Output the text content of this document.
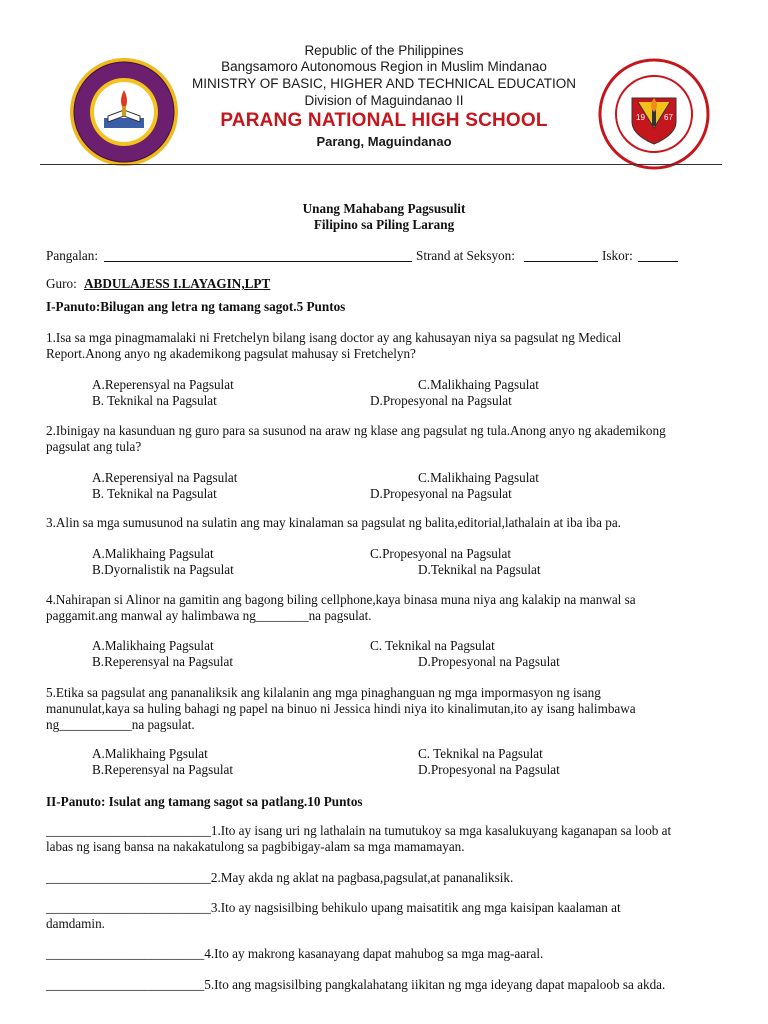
19 67
Republic of the Philippines
Bangsamoro Autonomous Region in Muslim Mindanao
MINISTRY OF BASIC, HIGHER AND TECHNICAL EDUCATION
Division of Maguindanao II
PARANG NATIONAL HIGH SCHOOL
Parang, Maguindanao
Unang Mahabang Pagsusulit
Filipino sa Piling Larang
Pangalan:	Strand at Seksyon:	Iskor:
Guro: ABDULAJESS I.LAYAGIN,LPT
I-Panuto:Bilugan ang letra ng tamang sagot.5 Puntos
1.Isa sa mga pinagmamalaki ni Fretchelyn bilang isang doctor ay ang kahusayan niya sa pagsulat ng Medical
Report.Anong anyo ng akademikong pagsulat mahusay si Fretchelyn?
A.Reperensyal na Pagsulat	C.Malikhaing Pagsulat
B. Teknikal na Pagsulat	D.Propesyonal na Pagsulat
2.Ibinigay na kasunduan ng guro para sa susunod na araw ng klase ang pagsulat ng tula.Anong anyo ng akademikong
pagsulat ang tula?
A.Reperensiyal na Pagsulat	C.Malikhaing Pagsulat
B. Teknikal na Pagsulat	D.Propesyonal na Pagsulat
3.Alin sa mga sumusunod na sulatin ang may kinalaman sa pagsulat ng balita,editorial,lathalain at iba iba pa.
A.Malikhaing Pagsulat	C.Propesyonal na Pagsulat
B.Dyornalistik na Pagsulat	D.Teknikal na Pagsulat
4.Nahirapan si Alinor na gamitin ang bagong biling cellphone,kaya binasa muna niya ang kalakip na manwal sa
paggamit.ang manwal ay halimbawa ng________na pagsulat.
A.Malikhaing Pagsulat	C. Teknikal na Pagsulat
B.Reperensyal na Pagsulat	D.Propesyonal na Pagsulat
5.Etika sa pagsulat ang pananaliksik ang kilalanin ang mga pinaghanguan ng mga impormasyon ng isang
manunulat,kaya sa huling bahagi ng papel na binuo ni Jessica hindi niya ito kinalimutan,ito ay isang halimbawa
ng___________na pagsulat.
A.Malikhaing Pgsulat	C. Teknikal na Pagsulat
B.Reperensyal na Pagsulat	D.Propesyonal na Pagsulat
II-Panuto: Isulat ang tamang sagot sa patlang.10 Puntos
_________________________1.Ito ay isang uri ng lathalain na tumutukoy sa mga kasalukuyang kaganapan sa loob at
labas ng isang bansa na nakakatulong sa pagbibigay-alam sa mga mamamayan.
_________________________2.May akda ng aklat na pagbasa,pagsulat,at pananaliksik.
_________________________3.Ito ay nagsisilbing behikulo upang maisatitik ang mga kaisipan kaalaman at
damdamin.
________________________4.Ito ay makrong kasanayang dapat mahubog sa mga mag-aaral.
________________________5.Ito ang magsisilbing pangkalahatang iikitan ng mga ideyang dapat mapaloob sa akda.
